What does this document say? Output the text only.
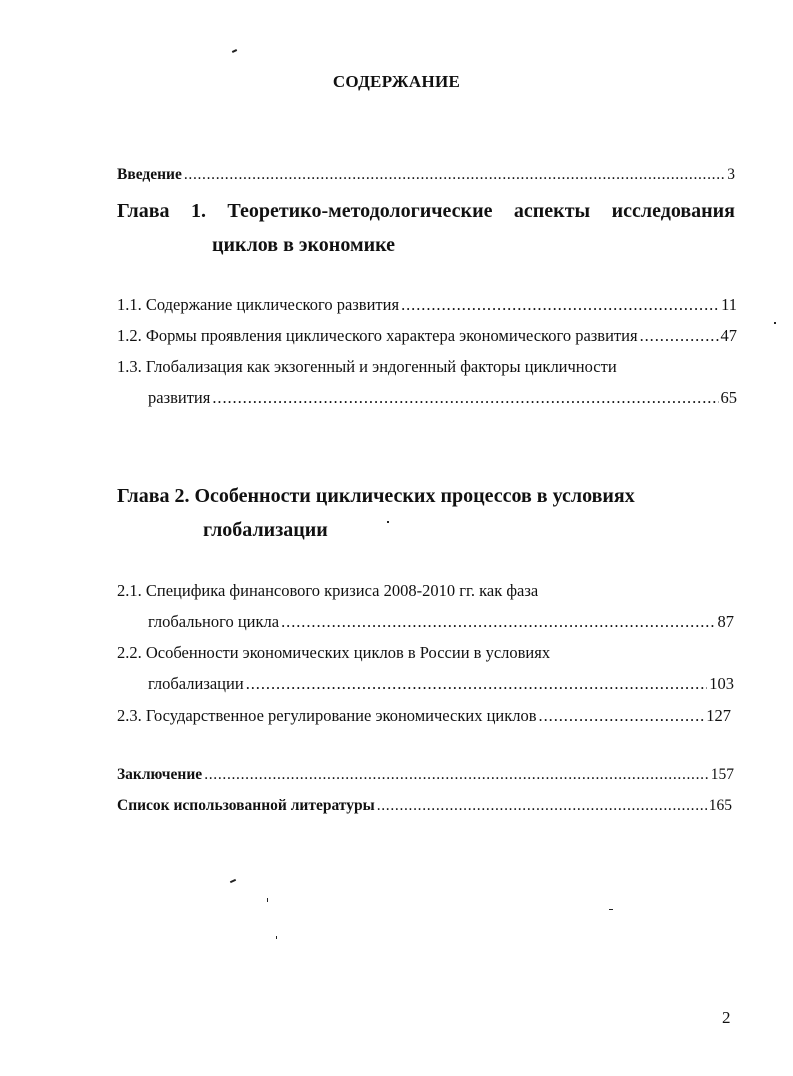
СОДЕРЖАНИЕ
Введение . . .	3
Глава 1. Теоретико-методологические аспекты исследования
циклов в экономике
1.1. Содержание циклического развития . . .	11
1.2. Формы проявления циклического характера экономического развития . . .	47
1.3. Глобализация как экзогенный и эндогенный факторы цикличности
развития . . .	65
Глава 2. Особенности циклических процессов в условиях
глобализации
2.1. Специфика финансового кризиса 2008-2010 гг. как фаза
глобального цикла . . .	87
2.2. Особенности экономических циклов в России в условиях
глобализации . . .	103
2.3. Государственное регулирование экономических циклов . . .	127
Заключение . . .	157
Список использованной литературы . . .	165
2
